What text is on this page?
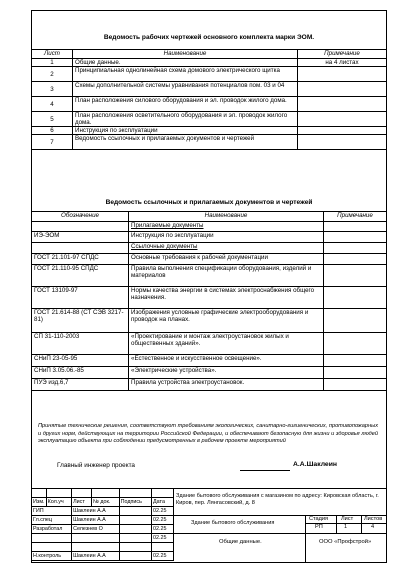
Ведомость рабочих чертежей основного комплекта марки ЭОМ.
Лист	Наименование	Примечание
1	Общие данные.	на 4 листах
2	Принципиальная однолинейная схема домового электрического щитка	
3	Схемы дополнительной системы уравнивания потенциалов пом. 03 и 04	
4	План расположения силового оборудования и эл. проводок жилого дома.	
5	План расположения осветительного оборудования и эл. проводок жилого дома.	
6	Инструкция по эксплуатации	
7	Ведомость ссылочных и прилагаемых документов и чертежей	
Ведомость ссылочных и прилагаемых документов и чертежей
Обозначение	Наименование	Примечание
	Прилагаемые документы	
ИЭ-ЭОМ	Инструкция по эксплуатации	
	Ссылочные документы	
ГОСТ 21.101-97 СПДС	Основные требования к рабочей документации	
ГОСТ 21.110-95 СПДС	Правила выполнения спецификации оборудования, изделий и материалов	
ГОСТ 13109-97	Нормы качества энергии в системах электроснабжения общего назначения.	
ГОСТ 21.614-88 (СТ СЭВ 3217-81)	Изображения условные графические электрооборудования и проводок на планах.	
СП 31-110-2003	«Проектирование и монтаж электроустановок жилых и общественных зданий».	
СНиП 23-05-95	«Естественное и искусственное освещение».	
СНиП 3.05.06.-85	«Электрические устройства».	
ПУЭ изд.6,7	Правила устройства электроустановок.	
Принятые технические решения, соответствуют требованиям экологических, санитарно-гигиенических, противопожарных и других норм, действующих на территории Российской Федерации, и обеспечивают безопасную для жизни и здоровья людей эксплуатацию объекта при соблюдении предусмотренных в рабочем проекте мероприятий
Главный инженер проекта	А.А.Шаклеин

Изм.	Кол.уч	Лист	№ док.	Подпись	Дата
ГИП		Шаклеин А.А			02.25
Гл.спец		Шаклеин А.А			02.25
Разработал		Селезнев О			02.25
					02.25

Н.контроль		Шаклеин А.А			02.25
Здание бытового обслуживания с магазином по адресу: Кировская область, г. Киров, пер. Лянгасовский, д. 8
Здание бытового обслуживания
Стадия Лист Листов
РП	1	4
Общие данные.	ООО «Профстрой»
